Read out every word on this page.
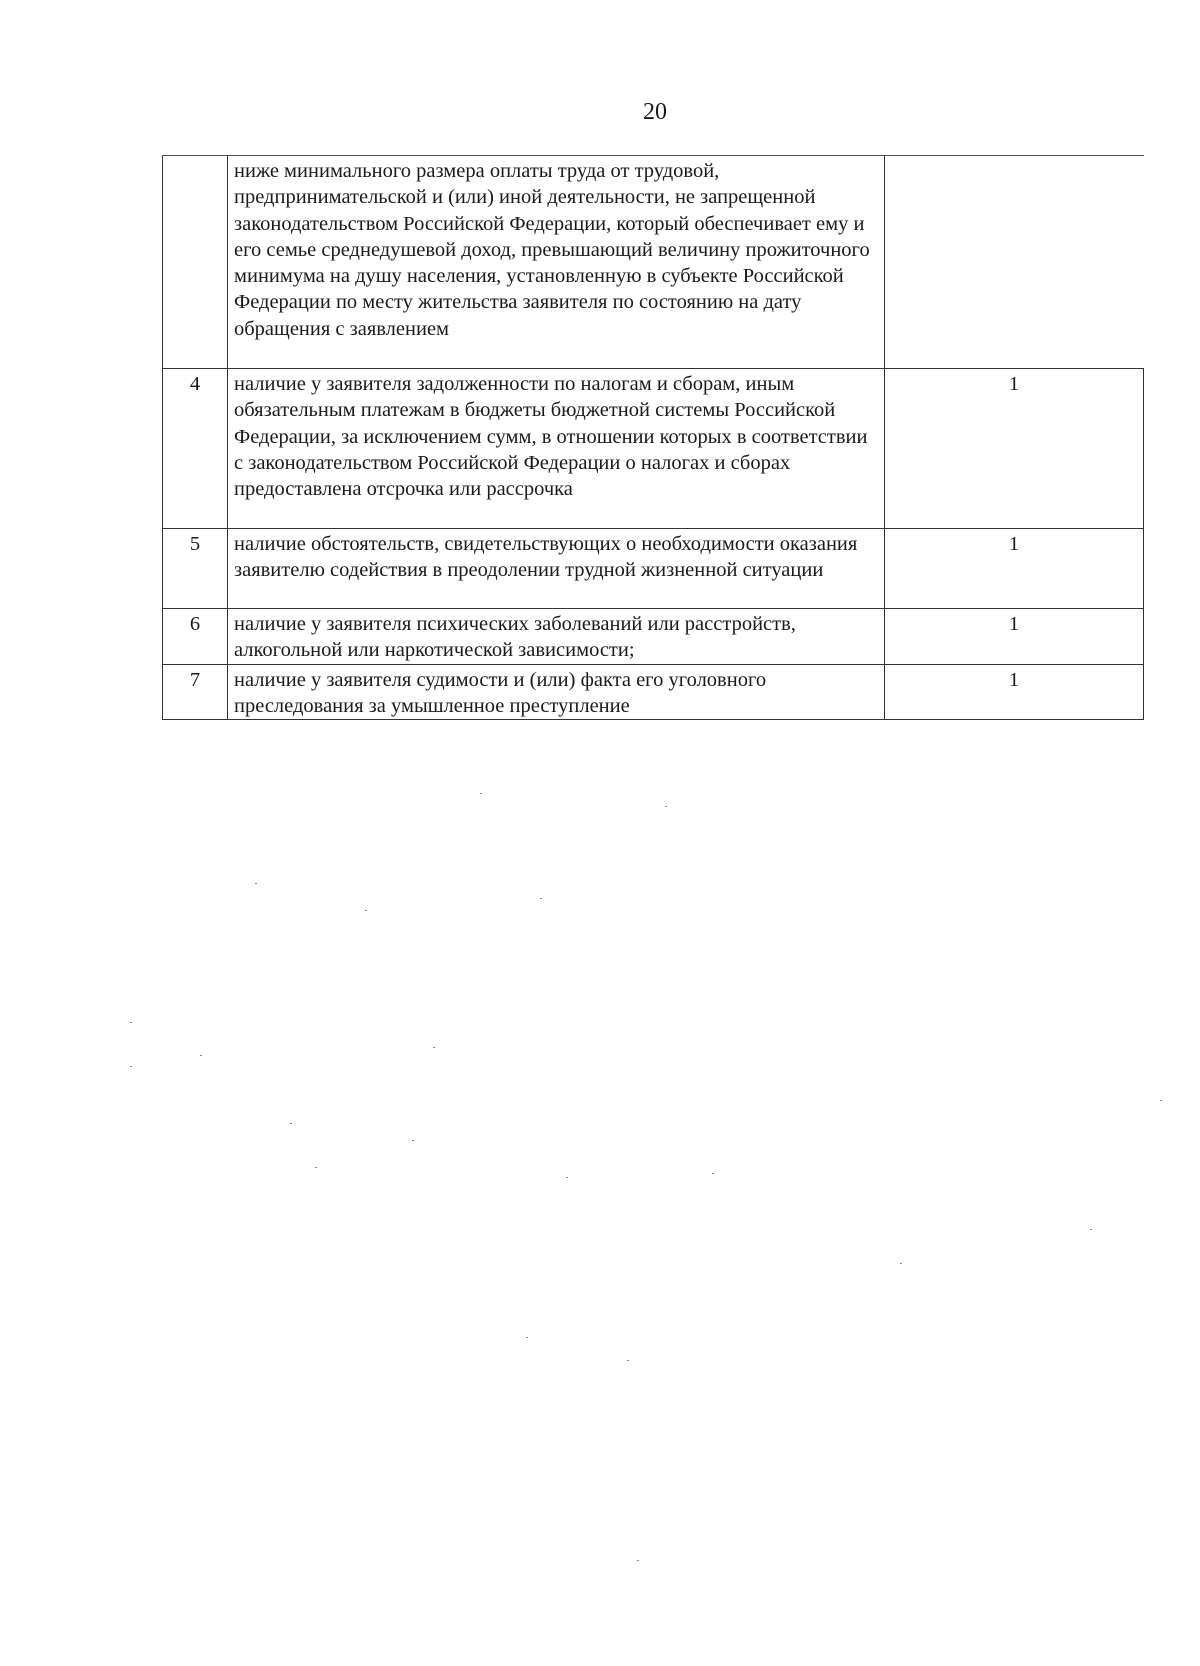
20
	ниже минимального размера оплаты труда от трудовой, предпринимательской и (или) иной деятельности, не запрещенной законодательством Российской Федерации, который обеспечивает ему и его семье среднедушевой доход, превышающий величину прожиточного минимума на душу населения, установленную в субъекте Российской Федерации по месту жительства заявителя по состоянию на дату обращения с заявлением	
4	наличие у заявителя задолженности по налогам и сборам, иным обязательным платежам в бюджеты бюджетной системы Российской Федерации, за исключением сумм, в отношении которых в соответствии с законодательством Российской Федерации о налогах и сборах предоставлена отсрочка или рассрочка	1
5	наличие обстоятельств, свидетельствующих о необходимости оказания заявителю содействия в преодолении трудной жизненной ситуации	1
6	наличие у заявителя психических заболеваний или расстройств, алкогольной или наркотической зависимости;	1
7	наличие у заявителя судимости и (или) факта его уголовного преследования за умышленное преступление	1
